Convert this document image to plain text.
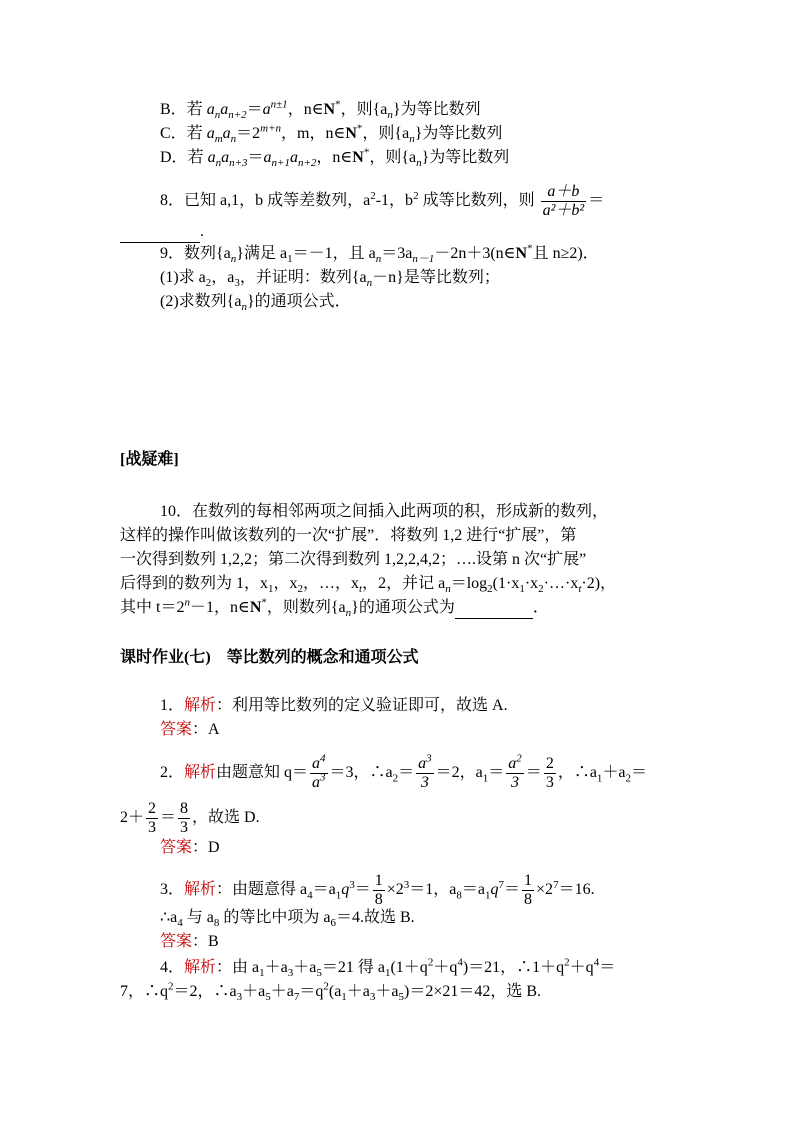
B．若 $a_na_{n+2}=a^{n\pm 1}$，n∈N*，则$\{a_n\}$为等比数列
C．若 $a_ma_n=2^{m+n}$，m，n∈N*，则$\{a_n\}$为等比数列
D．若 $a_na_{n+3}=a_{n+1}a_{n+2}$，n∈N*，则$\{a_n\}$为等比数列
8．已知 a,1，b 成等差数列，$a^2-1$，$b^2$ 成等比数列，则 $\frac{a+b}{\text{a²＋b²}}$ ＝
.
9．数列$\{a_n\}$满足 $a_1=-1$，且 $a_n=3a_{n-1}-2n+3(n\in N^*$且 n≥2)．
(1)求 $a_2$，$a_3$，并证明：数列$\{a_n-n\}$是等比数列；
(2)求数列$\{a_n\}$的通项公式．
[战疑难]
10．在数列的每相邻两项之间插入此两项的积，形成新的数列，
这样的操作叫做该数列的一次“扩展”．将数列 1,2 进行“扩展”，第
一次得到数列 1,2,2；第二次得到数列 1,2,2,4,2；….设第 n 次“扩展”
后得到的数列为 1，$x_1$，$x_2$，…，$x_t$，2，并记 $a_n=\log_2(1\cdot x_1\cdot x_2\cdot\dots\cdot x_t\cdot 2)$，
其中 $t=2^n-1$，n∈N*，则数列$\{a_n\}$的通项公式为	．
课时作业(七)　等比数列的概念和通项公式
1．解析：利用等比数列的定义验证即可，故选 A.
答案：A
2．解析由题意知 $q= \frac{a^4}{a^3} =3$，$\therefore a_2= \frac{a^3}{3} =2$，$a_1= \frac{a^2}{3} = \frac{2}{3}$ ，$\therefore a_1+a_2=$
$2+ \frac{2}{3} = \frac{8}{3}$ ，故选 D.
答案：D
3．解析：由题意得 $a_4=a_1q^3= \frac{1}{8} \times 2^3=1$，$a_8=a_1q^7= \frac{1}{8} \times 2^7=16$.
$\therefore a_4$ 与 $a_8$ 的等比中项为 $a_6=4$.故选 B.
答案：B
4．解析：由 $a_1+a_3+a_5=21$ 得 $a_1(1+q^2+q^4)=21$，$\therefore 1+q^2+q^4=$
7，$\therefore q^2=2$，$\therefore a_3+a_5+a_7=q^2(a_1+a_3+a_5)=2\times 21=42$，选 B.
